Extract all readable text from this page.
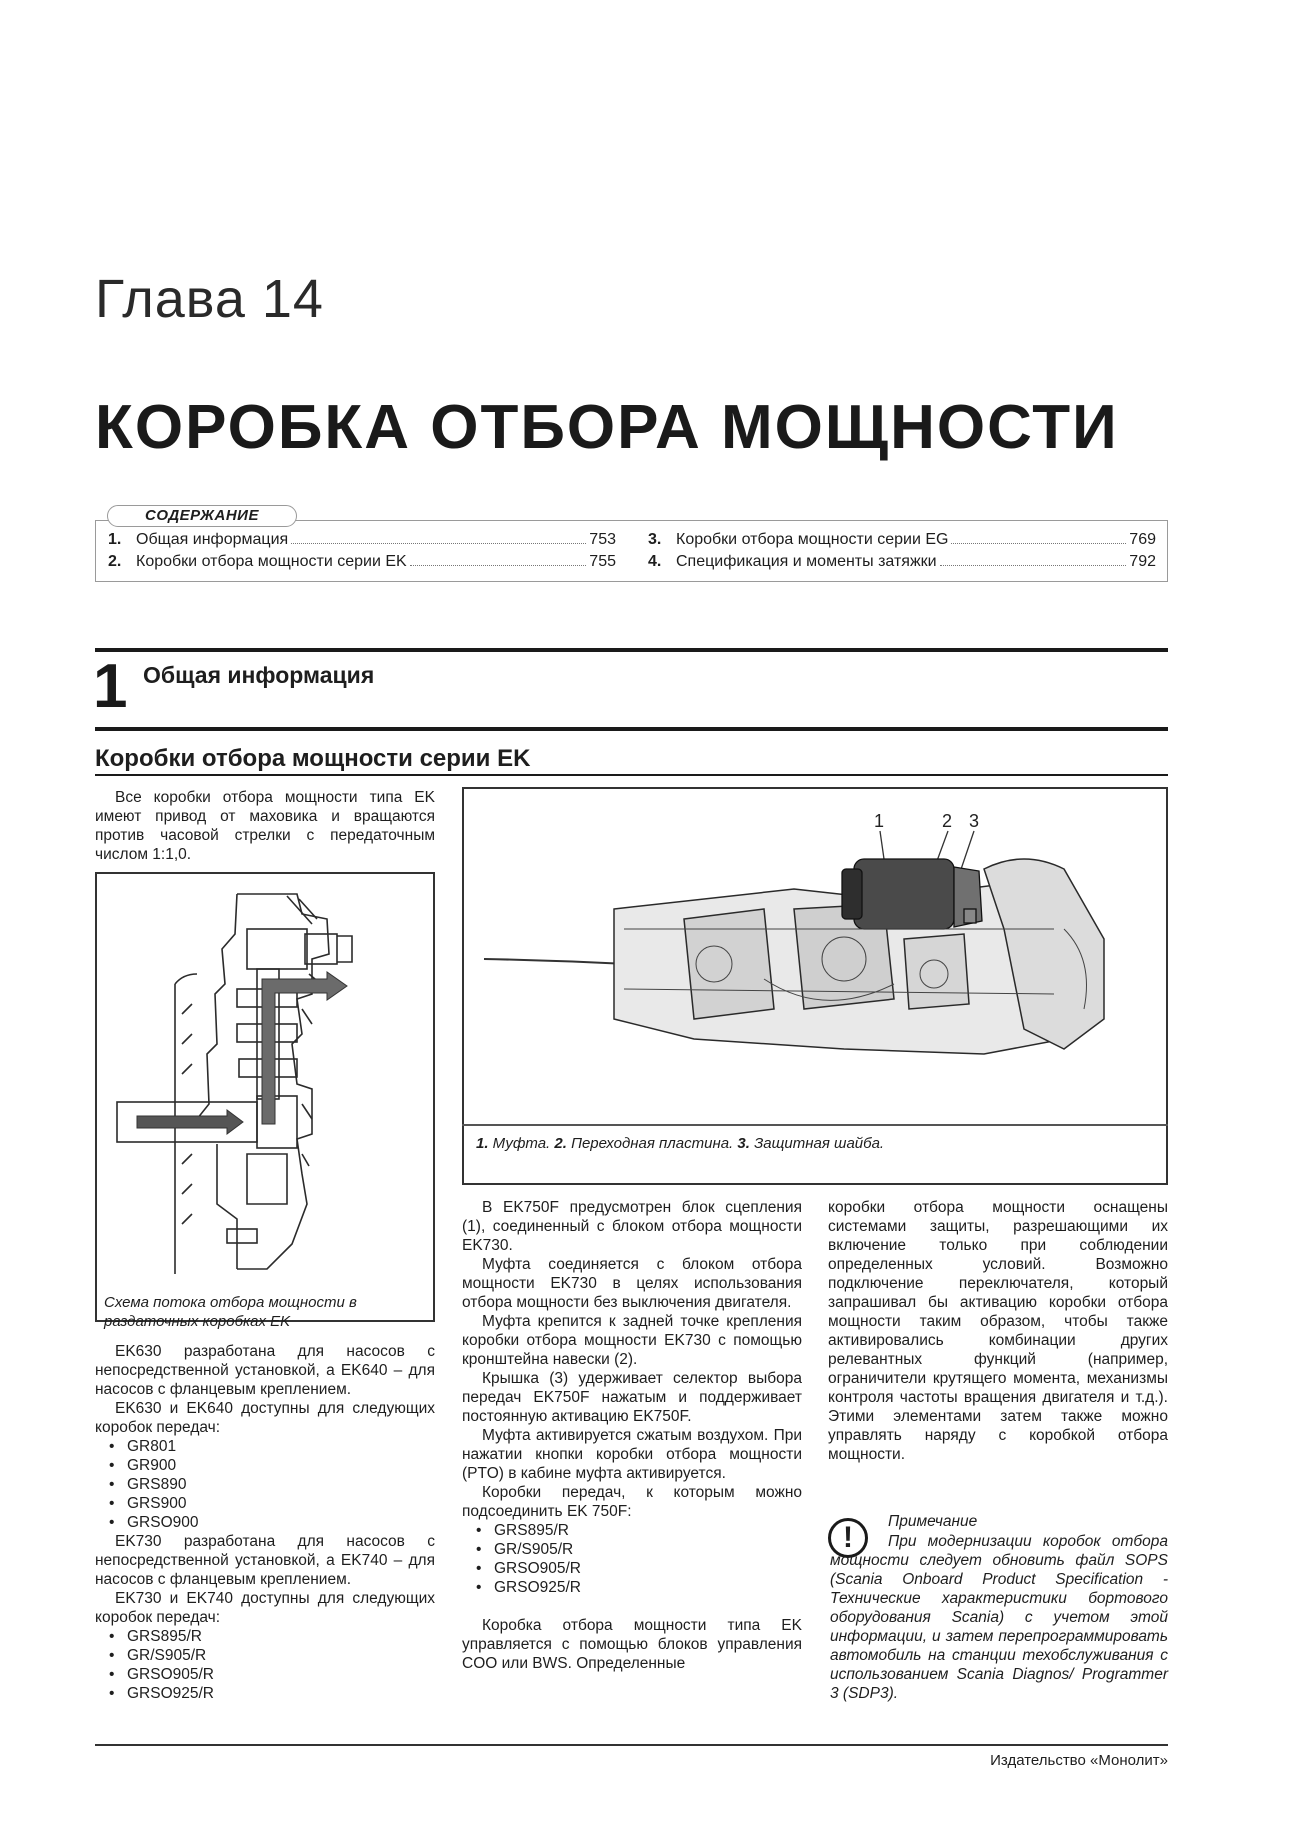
Глава 14
КОРОБКА ОТБОРА МОЩНОСТИ
1. Общая информация	753
2. Коробки отбора мощности серии EK	755
3. Коробки отбора мощности серии EG	769
4. Спецификация и моменты затяжки	792
СОДЕРЖАНИЕ
1 Общая информация
Коробки отбора мощности серии EK

Все коробки отбора мощности типа EK имеют привод от маховика и вращаются против часовой стрелки с передаточным числом 1:1,0.

Схема потока отбора мощности в раздаточных коробках EK

EK630 разработана для насосов с непосредственной установкой, а EK640 – для насосов с фланцевым креплением.

EK630 и EK640 доступны для следующих коробок передач:

• GR801
• GR900
• GRS890
• GRS900
• GRSO900

EK730 разработана для насосов с непосредственной установкой, а EK740 – для насосов с фланцевым креплением.

EK730 и EK740 доступны для следующих коробок передач:

• GRS895/R
• GR/S905/R
• GRSO905/R
• GRSO925/R
1	2 3
1. Муфта. 2. Переходная пластина. 3. Защитная шайба.

В EK750F предусмотрен блок сцепления (1), соединенный с блоком отбора мощности EK730.

Муфта соединяется с блоком отбора мощности EK730 в целях использования отбора мощности без выключения двигателя.

Муфта крепится к задней точке крепления коробки отбора мощности EK730 с помощью кронштейна навески (2).

Крышка (3) удерживает селектор выбора передач EK750F нажатым и поддерживает постоянную активацию EK750F.

Муфта активируется сжатым воздухом. При нажатии кнопки коробки отбора мощности (PTO) в кабине муфта активируется.

Коробки передач, к которым можно подсоединить EK 750F:

• GRS895/R
• GR/S905/R
• GRSO905/R
• GRSO925/R

Коробка отбора мощности типа EK управляется с помощью блоков управления COO или BWS. Определенные

коробки отбора мощности оснащены системами защиты, разрешающими их включение только при соблюдении определенных условий. Возможно подключение переключателя, который запрашивал бы активацию коробки отбора мощности таким образом, чтобы также активировались комбинации других релевантных функций (например, ограничители крутящего момента, механизмы контроля частоты вращения двигателя и т.д.). Этими элементами затем также можно управлять наряду с коробкой отбора мощности.

!	Примечание
При модернизации коробок отбора мощности следует обновить файл SOPS (Scania Onboard Product Specification - Технические характеристики бортового оборудования Scania) с учетом этой информации, и затем перепрограммировать автомобиль на станции техобслуживания с использованием Scania Diagnos/ Programmer 3 (SDP3).
Издательство «Монолит»
